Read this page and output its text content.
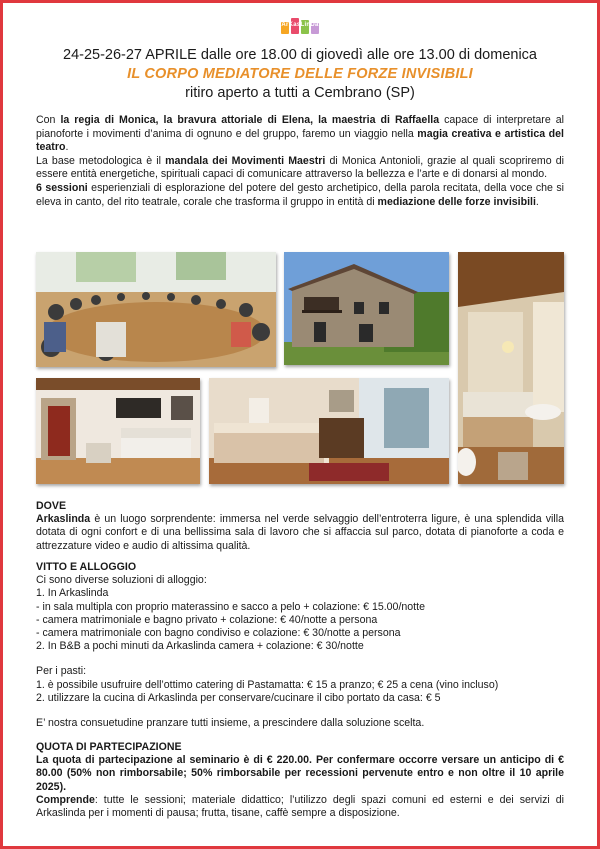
ArKasLinDa
24-25-26-27 APRILE dalle ore 18.00 di giovedì alle ore 13.00 di domenica
IL CORPO MEDIATORE DELLE FORZE INVISIBILI
ritiro aperto a tutti a Cembrano (SP)

Con la regia di Monica, la bravura attoriale di Elena, la maestria di Raffaella capace di interpretare al pianoforte i movimenti d’anima di ognuno e del gruppo, faremo un viaggio nella magia creativa e artistica del teatro.

La base metodologica è il mandala dei Movimenti Maestri di Monica Antonioli, grazie al quali scopriremo di essere entità energetiche, spirituali capaci di comunicare attraverso la bellezza e l’arte e di donarsi al mondo.

6 sessioni esperienziali di esplorazione del potere del gesto archetipico, della parola recitata, della voce che si eleva in canto, del rito teatrale, corale che trasforma il gruppo in entità di mediazione delle forze invisibili.

DOVE

Arkaslinda è un luogo sorprendente: immersa nel verde selvaggio dell’entroterra ligure, è una splendida villa dotata di ogni confort e di una bellissima sala di lavoro che si affaccia sul parco, dotata di pianoforte a coda e attrezzature video e audio di altissima qualità.

VITTO E ALLOGGIO

Ci sono diverse soluzioni di alloggio:

1. In Arkaslinda

- in sala multipla con proprio materassino e sacco a pelo + colazione: € 15.00/notte

- camera matrimoniale e bagno privato + colazione: € 40/notte a persona

- camera matrimoniale con bagno condiviso e colazione: € 30/notte a persona

2. In B&B a pochi minuti da Arkaslinda camera + colazione: € 30/notte

Per i pasti:

1. è possibile usufruire dell’ottimo catering di Pastamatta: € 15 a pranzo; € 25 a cena (vino incluso)

2. utilizzare la cucina di Arkaslinda per conservare/cucinare il cibo portato da casa: € 5

E’ nostra consuetudine pranzare tutti insieme, a prescindere dalla soluzione scelta.

QUOTA DI PARTECIPAZIONE

La quota di partecipazione al seminario è di € 220.00. Per confermare occorre versare un anticipo di € 80.00 (50% non rimborsabile; 50% rimborsabile per recessioni pervenute entro e non oltre il 10 aprile 2025).

Comprende: tutte le sessioni; materiale didattico; l’utilizzo degli spazi comuni ed esterni e dei servizi di Arkaslinda per i momenti di pausa; frutta, tisane, caffè sempre a disposizione.
